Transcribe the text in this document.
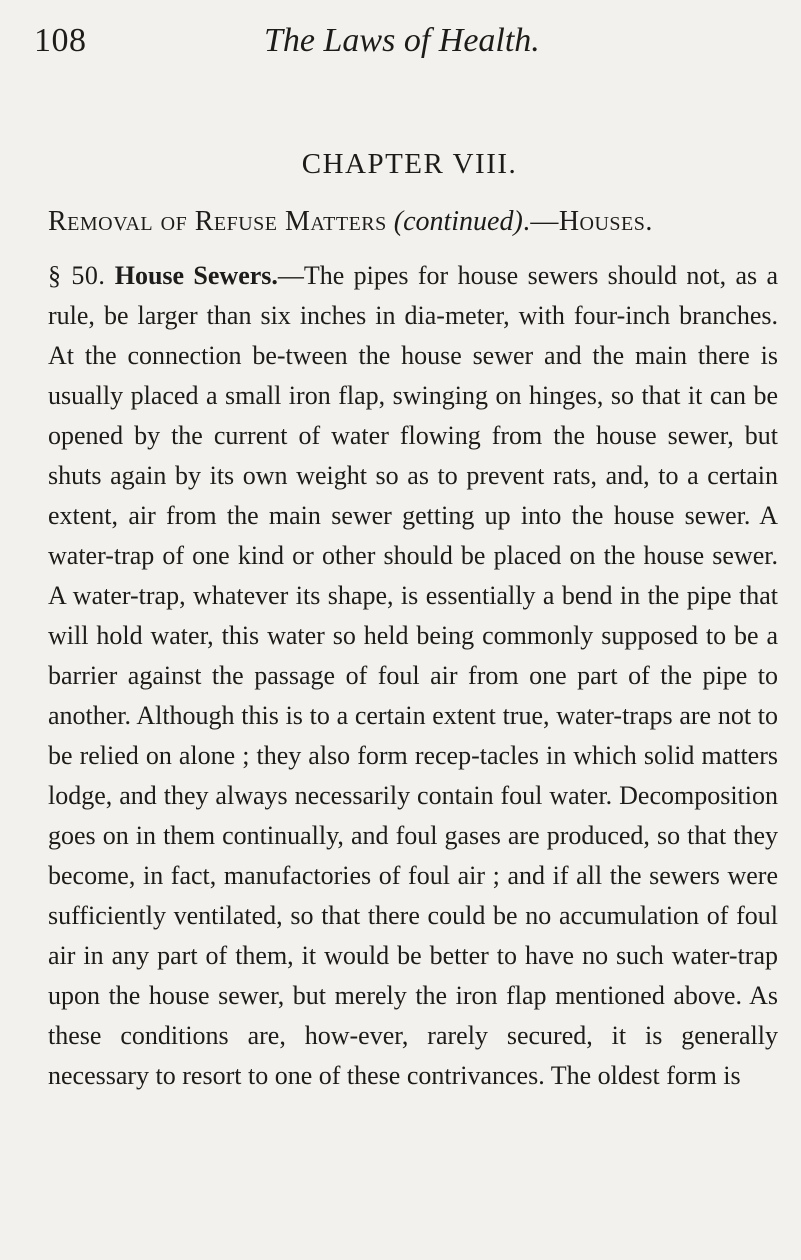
108	The Laws of Health.
CHAPTER VIII.
Removal of Refuse Matters (continued).—Houses.
§ 50. House Sewers.—The pipes for house sewers should not, as a rule, be larger than six inches in dia-meter, with four-inch branches. At the connection be-tween the house sewer and the main there is usually placed a small iron flap, swinging on hinges, so that it can be opened by the current of water flowing from the house sewer, but shuts again by its own weight so as to prevent rats, and, to a certain extent, air from the main sewer getting up into the house sewer. A water-trap of one kind or other should be placed on the house sewer. A water-trap, whatever its shape, is essentially a bend in the pipe that will hold water, this water so held being commonly supposed to be a barrier against the passage of foul air from one part of the pipe to another. Although this is to a certain extent true, water-traps are not to be relied on alone ; they also form recep-tacles in which solid matters lodge, and they always necessarily contain foul water. Decomposition goes on in them continually, and foul gases are produced, so that they become, in fact, manufactories of foul air ; and if all the sewers were sufficiently ventilated, so that there could be no accumulation of foul air in any part of them, it would be better to have no such water-trap upon the house sewer, but merely the iron flap mentioned above. As these conditions are, how-ever, rarely secured, it is generally necessary to resort to one of these contrivances. The oldest form is
